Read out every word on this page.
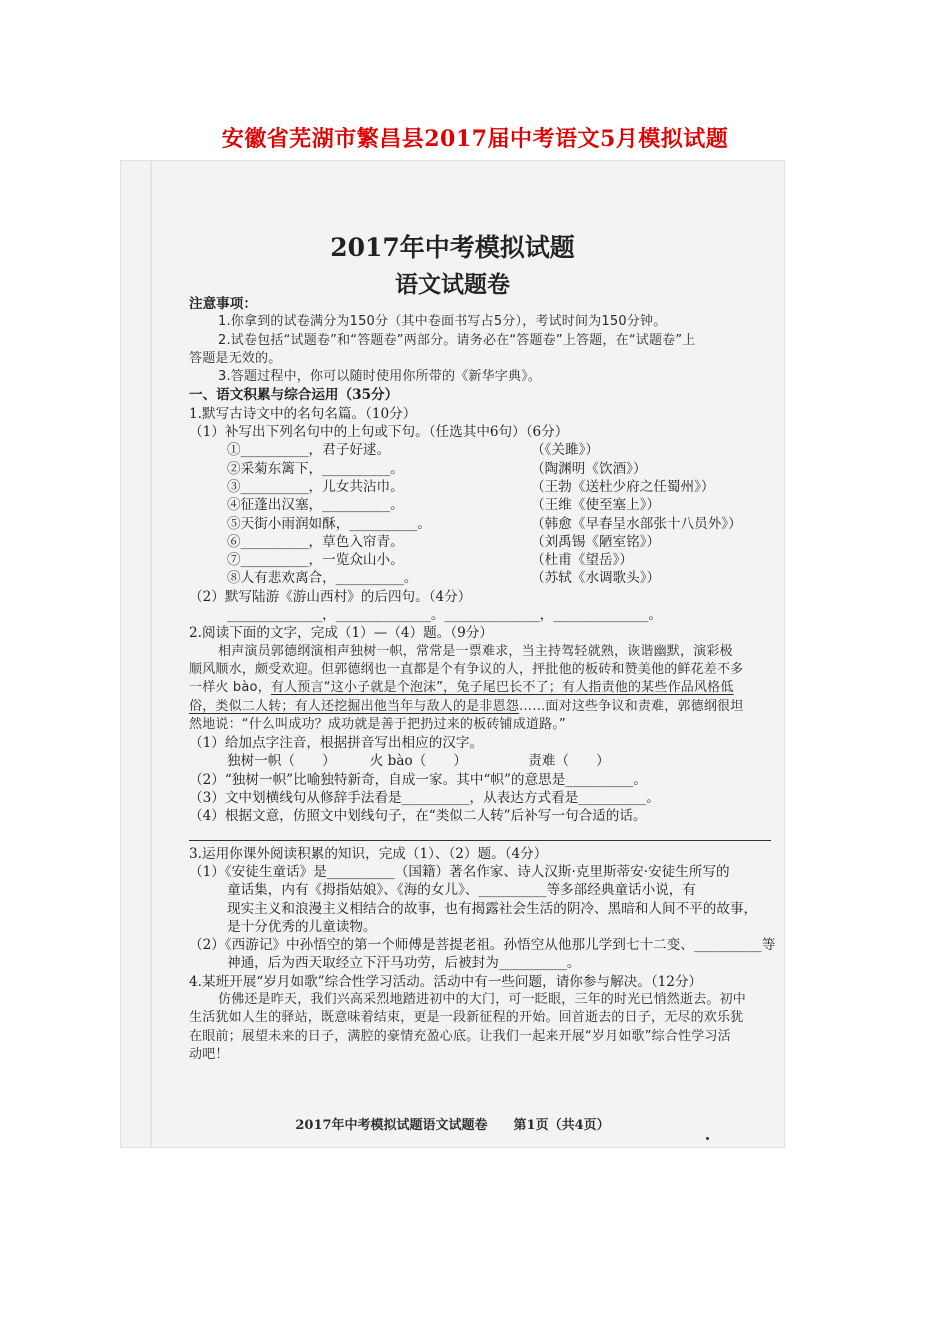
安徽省芜湖市繁昌县2017届中考语文5月模拟试题
2017年中考模拟试题
语文试题卷
注意事项：
1.你拿到的试卷满分为150分（其中卷面书写占5分），考试时间为150分钟。
2.试卷包括“试题卷”和“答题卷”两部分。请务必在“答题卷”上答题，在“试题卷”上
答题是无效的。
3.答题过程中，你可以随时使用你所带的《新华字典》。
一、语文积累与综合运用（35分）
1.默写古诗文中的名句名篇。（10分）
（1）补写出下列名句中的上句或下句。（任选其中6句）（6分）
①__________，君子好逑。	（《关雎》）
②采菊东篱下，__________。	（陶渊明《饮酒》）
③__________，儿女共沾巾。	（王勃《送杜少府之任蜀州》）
④征蓬出汉塞，__________。	（王维《使至塞上》）
⑤天街小雨润如酥，__________。	（韩愈《早春呈水部张十八员外》）
⑥__________，草色入帘青。	（刘禹锡《陋室铭》）
⑦__________，一览众山小。	（杜甫《望岳》）
⑧人有悲欢离合，__________。	（苏轼《水调歌头》）
（2）默写陆游《游山西村》的后四句。（4分）
______________，______________。______________，______________。
2.阅读下面的文字，完成（1）—（4）题。（9分）
相声演员郭德纲演相声独树一帜，常常是一票难求，当主持驾轻就熟，诙谐幽默，演彩极
顺风顺水，颇受欢迎。但郭德纲也一直都是个有争议的人，抨批他的板砖和赞美他的鲜花差不多
一样火 bào，有人预言“这小子就是个泡沫”，兔子尾巴长不了；有人指责他的某些作品风格低
俗，类似二人转；有人还挖掘出他当年与敌人的是非恩怨……面对这些争议和责难，郭德纲很坦
然地说：“什么叫成功？成功就是善于把扔过来的板砖铺成道路。”
（1）给加点字注音，根据拼音写出相应的汉字。
独树一帜（　　）　　　火 bào（　　）　　　　　责难（　　）
（2）“独树一帜”比喻独特新奇，自成一家。其中“帜”的意思是__________。
（3）文中划横线句从修辞手法看是__________，从表达方式看是__________。
（4）根据文意，仿照文中划线句子，在“类似二人转”后补写一句合适的话。
3.运用你课外阅读积累的知识，完成（1）、（2）题。（4分）
（1）《安徒生童话》是__________（国籍）著名作家、诗人汉斯·克里斯蒂安·安徒生所写的
童话集，内有《拇指姑娘》、《海的女儿》、__________等多部经典童话小说，有
现实主义和浪漫主义相结合的故事，也有揭露社会生活的阴冷、黑暗和人间不平的故事，
是十分优秀的儿童读物。
（2）《西游记》中孙悟空的第一个师傅是菩提老祖。孙悟空从他那儿学到七十二变、__________等
神通，后为西天取经立下汗马功劳，后被封为__________。
4.某班开展“岁月如歌”综合性学习活动。活动中有一些问题，请你参与解决。（12分）
仿佛还是昨天，我们兴高采烈地踏进初中的大门，可一眨眼，三年的时光已悄然逝去。初中
生活犹如人生的驿站，既意味着结束，更是一段新征程的开始。回首逝去的日子，无尽的欢乐犹
在眼前；展望未来的日子，满腔的豪情充盈心底。让我们一起来开展“岁月如歌”综合性学习活
动吧！
2017年中考模拟试题语文试题卷　　第1页（共4页）
